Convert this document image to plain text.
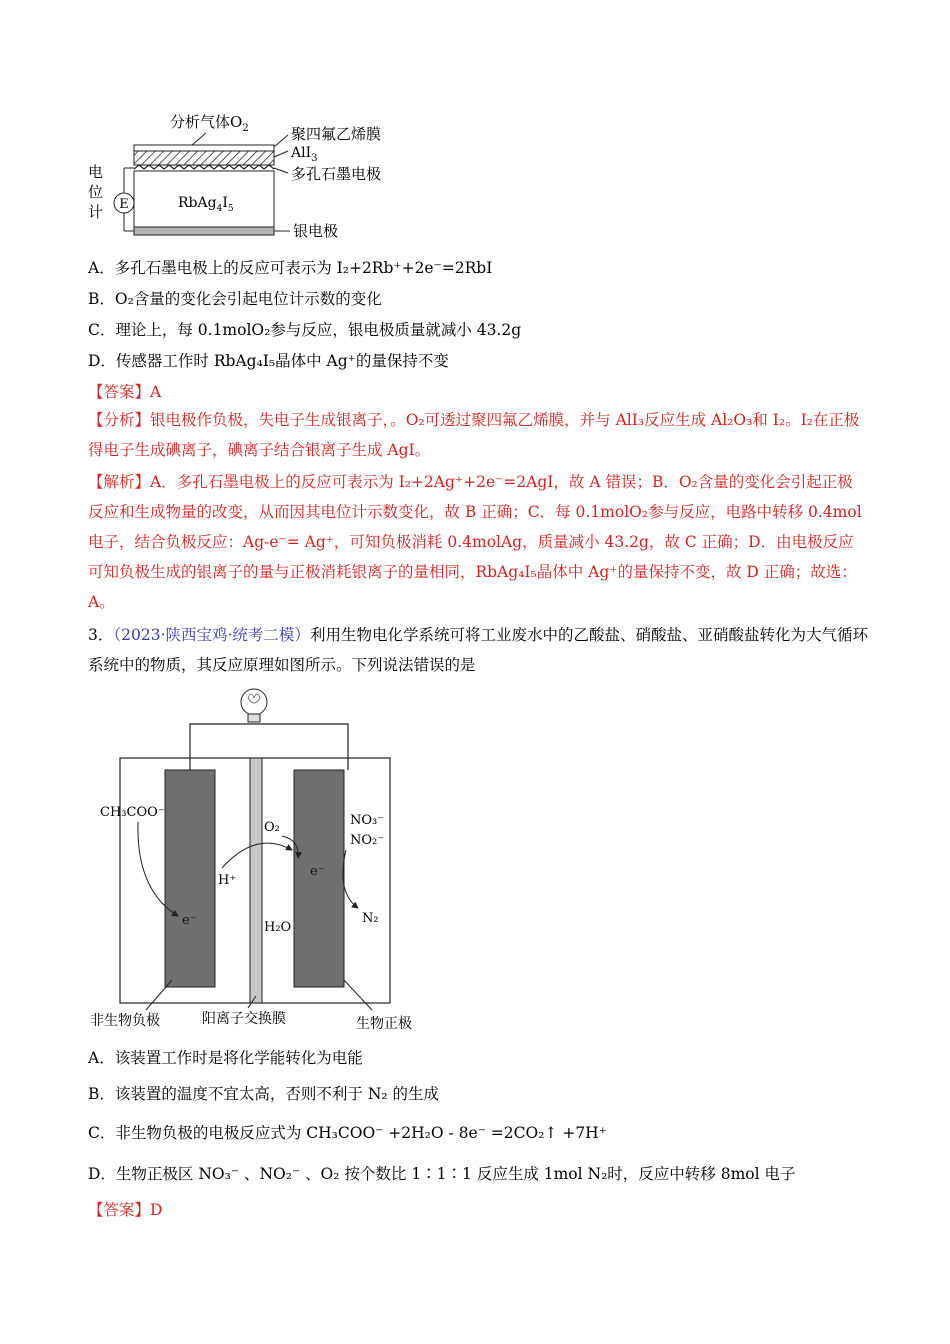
E
电
位
计
分析气体$O_2$	聚四氟乙烯膜
AlI$_3$
多孔石墨电极
$RbAg_4I_5$
银电极
A．多孔石墨电极上的反应可表示为 I₂+2Rb⁺+2e⁻=2RbI
B．O₂含量的变化会引起电位计示数的变化
C．理论上，每 0.1molO₂参与反应，银电极质量就减小 43.2g
D．传感器工作时 RbAg₄I₅晶体中 Ag⁺的量保持不变
【答案】A

【分析】银电极作负极，失电子生成银离子，。O₂可透过聚四氟乙烯膜，并与 AlI₃反应生成 Al₂O₃和 I₂。I₂在正极得电子生成碘离子，碘离子结合银离子生成 AgI。

【解析】A．多孔石墨电极上的反应可表示为 I₂+2Ag⁺+2e⁻=2AgI，故 A 错误；B．O₂含量的变化会引起正极反应和生成物量的改变，从而因其电位计示数变化，故 B 正确；C．每 0.1molO₂参与反应，电路中转移 0.4mol 电子，结合负极反应：Ag-e⁻= Ag⁺，可知负极消耗 0.4molAg，质量减小 43.2g，故 C 正确；D．由电极反应可知负极生成的银离子的量与正极消耗银离子的量相同，RbAg₄I₅晶体中 Ag⁺的量保持不变，故 D 正确；故选：A。

3．（2023·陕西宝鸡·统考二模）利用生物电化学系统可将工业废水中的乙酸盐、硝酸盐、亚硝酸盐转化为大气循环系统中的物质，其反应原理如图所示。下列说法错误的是

CH₃COO⁻
e⁻
H⁺
H₂O
O₂
e⁻
NO₃⁻
NO₂⁻
N₂
非生物负极	阳离子交换膜	生物正极
A．该装置工作时是将化学能转化为电能
B．该装置的温度不宜太高，否则不利于 N₂ 的生成
C．非生物负极的电极反应式为 CH₃COO⁻ +2H₂O - 8e⁻ =2CO₂↑ +7H⁺
D．生物正极区 NO₃⁻ 、NO₂⁻ 、O₂ 按个数比 1∶1∶1 反应生成 1mol N₂时，反应中转移 8mol 电子
【答案】D
